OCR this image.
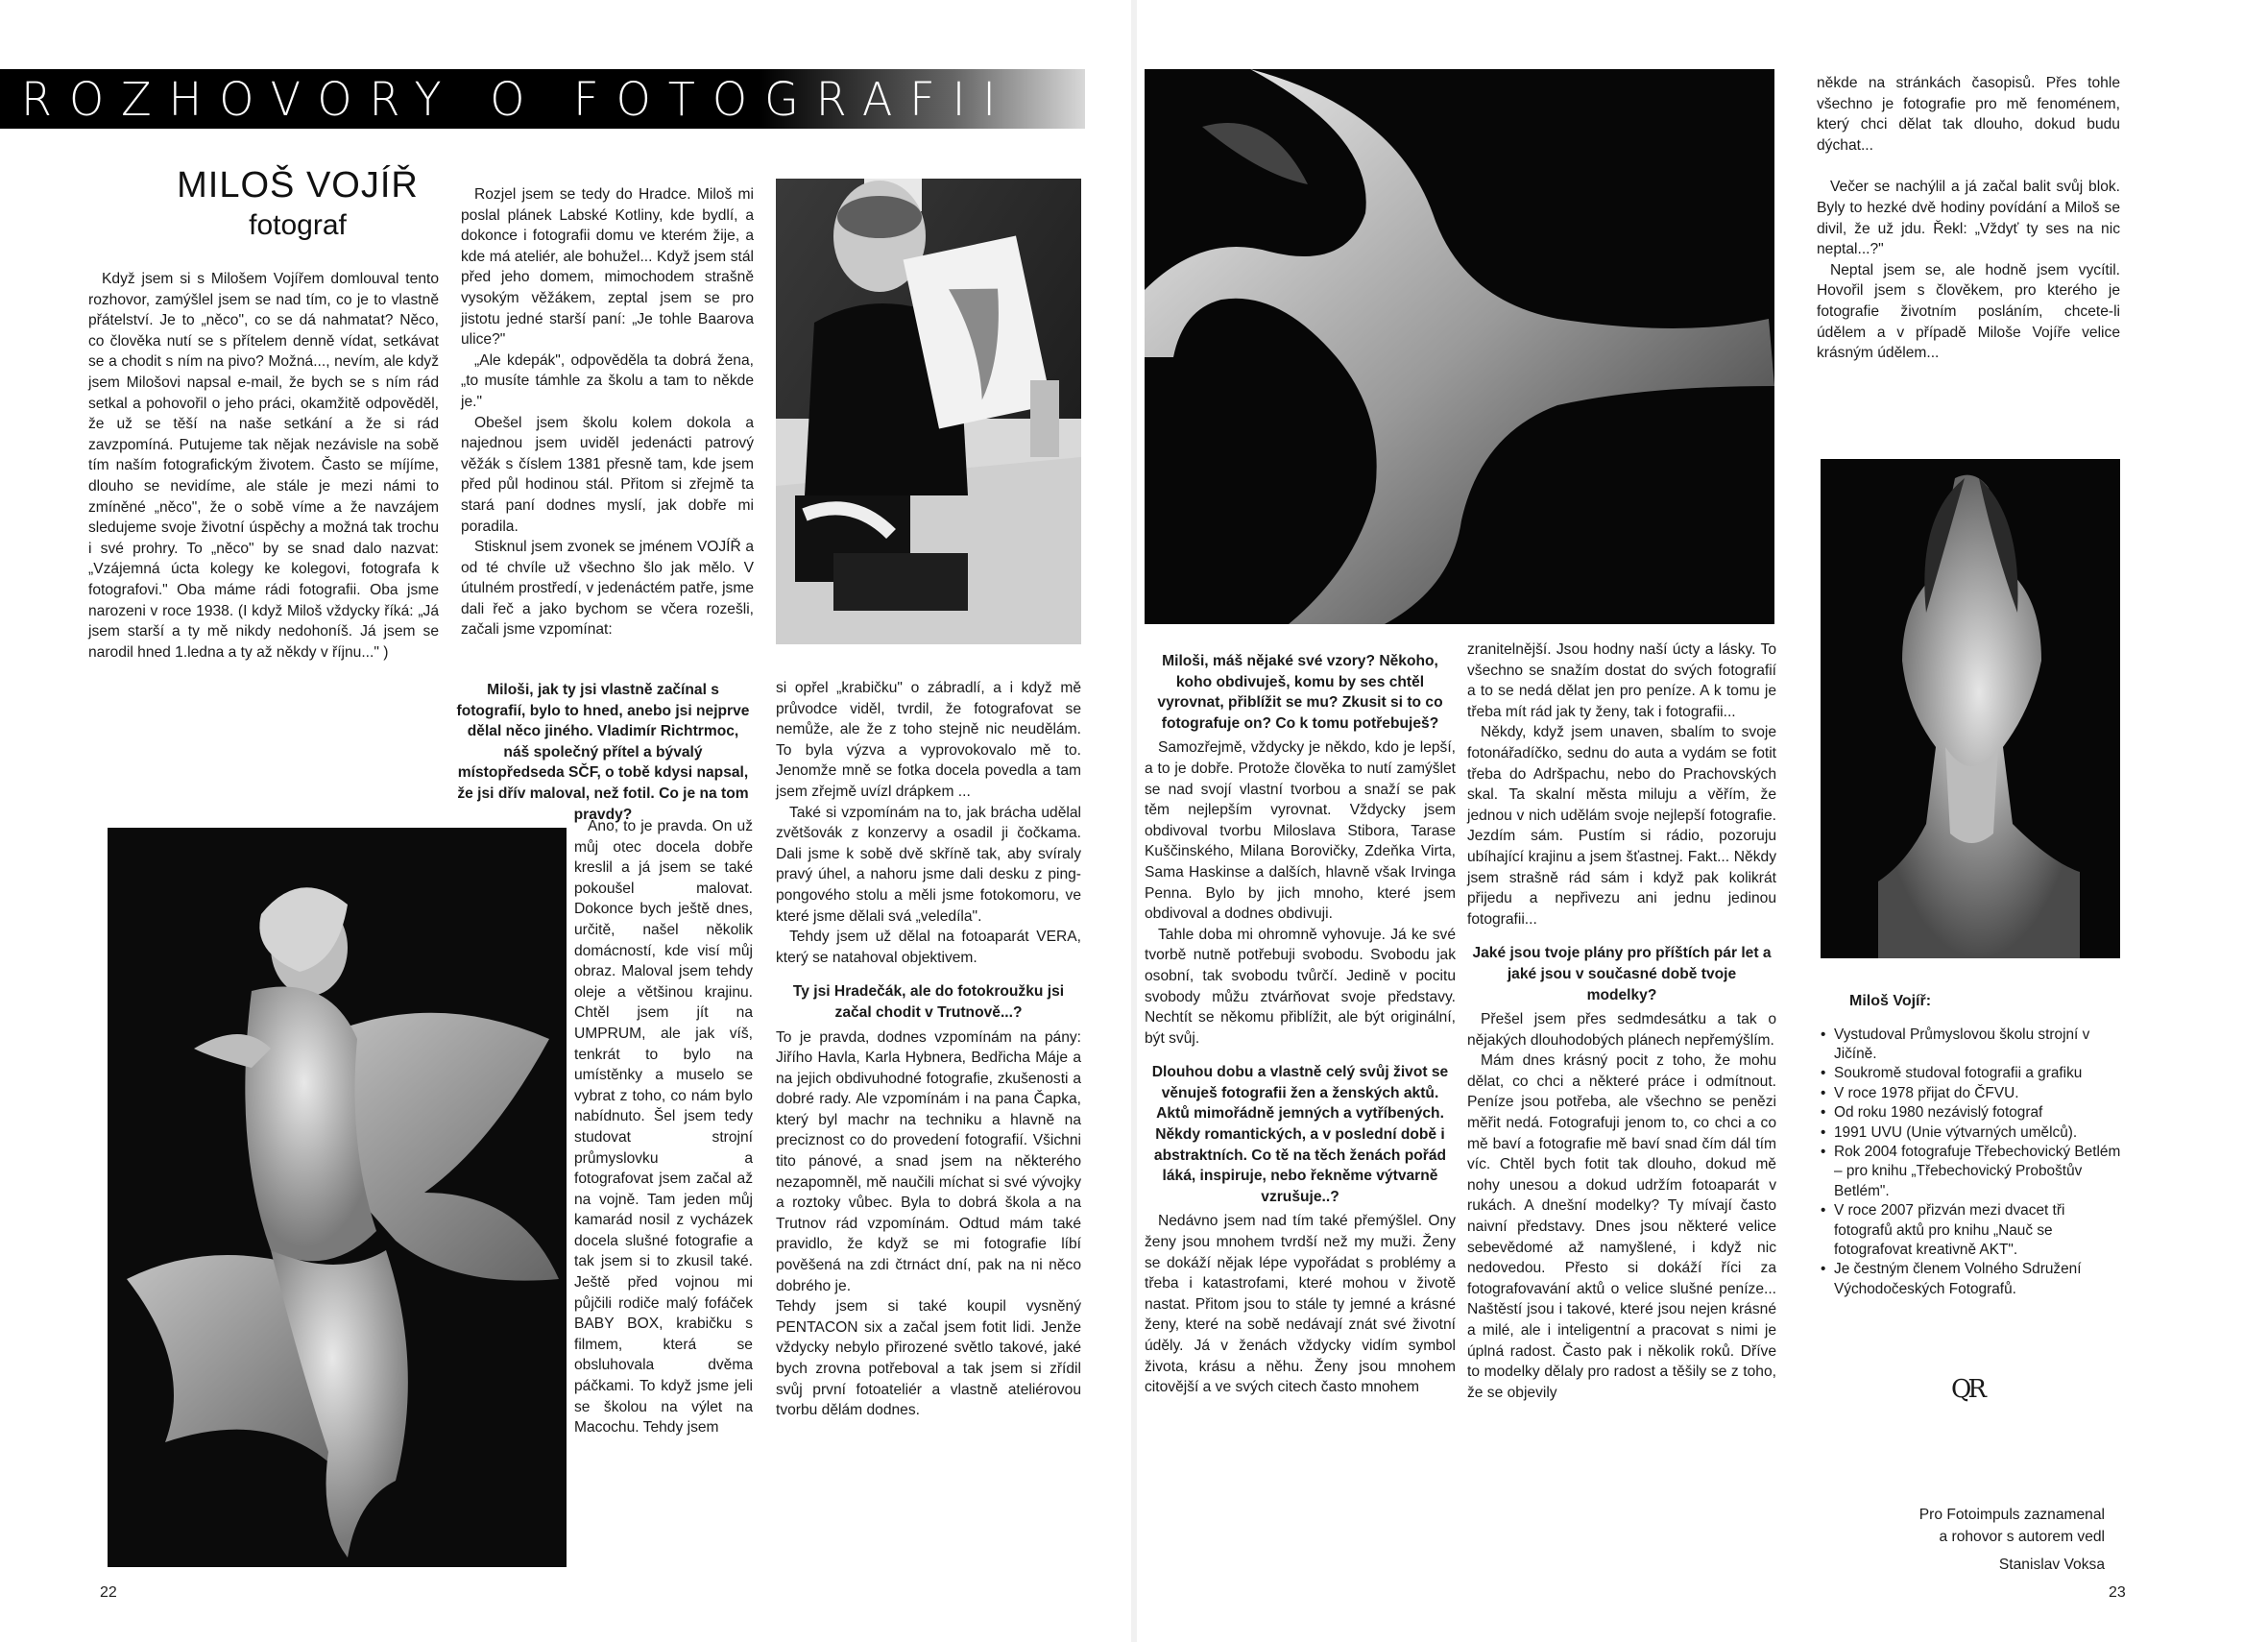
ROZHOVORY O FOTOGRAFII
MILOŠ VOJÍŘ
fotograf

Když jsem si s Milošem Vojířem domlouval tento rozhovor, zamýšlel jsem se nad tím, co je to vlastně přátelství. Je to „něco", co se dá nahmatat? Něco, co člověka nutí se s přítelem denně vídat, setkávat se a chodit s ním na pivo? Možná..., nevím, ale když jsem Milošovi napsal e-mail, že bych se s ním rád setkal a pohovořil o jeho práci, okamžitě odpověděl, že už se těší na naše setkání a že si rád zavzpomíná. Putujeme tak nějak nezávisle na sobě tím naším fotografickým životem. Často se míjíme, dlouho se nevidíme, ale stále je mezi námi to zmíněné „něco", že o sobě víme a že navzájem sledujeme svoje životní úspěchy a možná tak trochu i své prohry. To „něco" by se snad dalo nazvat: „Vzájemná úcta kolegy ke kolegovi, fotografa k fotografovi." Oba máme rádi fotografii. Oba jsme narozeni v roce 1938. (I když Miloš vždycky říká: „Já jsem starší a ty mě nikdy nedohoníš. Já jsem se narodil hned 1.ledna a ty až někdy v říjnu..." )

Rozjel jsem se tedy do Hradce. Miloš mi poslal plánek Labské Kotliny, kde bydlí, a dokonce i fotografii domu ve kterém žije, a kde má ateliér, ale bohužel... Když jsem stál před jeho domem, mimochodem strašně vysokým věžákem, zeptal jsem se pro jistotu jedné starší paní: „Je tohle Baarova ulice?"

„Ale kdepák", odpověděla ta dobrá žena, „to musíte támhle za školu a tam to někde je."

Obešel jsem školu kolem dokola a najednou jsem uviděl jedenácti patrový věžák s číslem 1381 přesně tam, kde jsem před půl hodinou stál. Přitom si zřejmě ta stará paní dodnes myslí, jak dobře mi poradila.

Stisknul jsem zvonek se jménem VOJÍŘ a od té chvíle už všechno šlo jak mělo. V útulném prostředí, v jedenáctém patře, jsme dali řeč a jako bychom se včera rozešli, začali jsme vzpomínat:

Miloši, jak ty jsi vlastně začínal s fotografií, bylo to hned, anebo jsi nejprve dělal něco jiného. Vladimír Richtrmoc, náš společný přítel a bývalý místopředseda SČF, o tobě kdysi napsal, že jsi dřív maloval, než fotil. Co je na tom pravdy?

Ano, to je pravda. On už můj otec docela dobře kreslil a já jsem se také pokoušel malovat. Dokonce bych ještě dnes, určitě, našel několik domácností, kde visí můj obraz. Maloval jsem tehdy oleje a většinou krajinu. Chtěl jsem jít na UMPRUM, ale jak víš, tenkrát to bylo na umístěnky a muselo se vybrat z toho, co nám bylo nabídnuto. Šel jsem tedy studovat strojní průmyslovku a fotografovat jsem začal až na vojně. Tam jeden můj kamarád nosil z vycházek docela slušné fotografie a tak jsem si to zkusil také. Ještě před vojnou mi půjčili rodiče malý fofáček BABY BOX, krabičku s filmem, která se obsluhovala dvěma páčkami. To když jsme jeli se školou na výlet na Macochu. Tehdy jsem

si opřel „krabičku" o zábradlí, a i když mě průvodce viděl, tvrdil, že fotografovat se nemůže, ale že z toho stejně nic neudělám. To byla výzva a vyprovokovalo mě to. Jenomže mně se fotka docela povedla a tam jsem zřejmě uvízl drápkem ...

Také si vzpomínám na to, jak brácha udělal zvětšovák z konzervy a osadil ji čočkama. Dali jsme k sobě dvě skříně tak, aby svíraly pravý úhel, a nahoru jsme dali desku z ping-pongového stolu a měli jsme fotokomoru, ve které jsme dělali svá „veledíla".

Tehdy jsem už dělal na fotoaparát VERA, který se natahoval objektivem.

Ty jsi Hradečák, ale do fotokroužku jsi začal chodit v Trutnově...?

To je pravda, dodnes vzpomínám na pány: Jiřího Havla, Karla Hybnera, Bedřicha Máje a na jejich obdivuhodné fotografie, zkušenosti a dobré rady. Ale vzpomínám i na pana Čapka, který byl machr na techniku a hlavně na preciznost co do provedení fotografií. Všichni tito pánové, a snad jsem na některého nezapomněl, mě naučili míchat si své vývojky a roztoky vůbec. Byla to dobrá škola a na Trutnov rád vzpomínám. Odtud mám také pravidlo, že když se mi fotografie líbí pověšená na zdi čtrnáct dní, pak na ni něco dobrého je.

Tehdy jsem si také koupil vysněný PENTACON six a začal jsem fotit lidi. Jenže vždycky nebylo přirozené světlo takové, jaké bych zrovna potřeboval a tak jsem si zřídil svůj první fotoateliér a vlastně ateliérovou tvorbu dělám dodnes.

22

Miloši, máš nějaké své vzory? Někoho, koho obdivuješ, komu by ses chtěl vyrovnat, přiblížit se mu? Zkusit si to co fotografuje on? Co k tomu potřebuješ?

Samozřejmě, vždycky je někdo, kdo je lepší, a to je dobře. Protože člověka to nutí zamýšlet se nad svojí vlastní tvorbou a snaží se pak těm nejlepším vyrovnat. Vždycky jsem obdivoval tvorbu Miloslava Stibora, Tarase Kuščinského, Milana Borovičky, Zdeňka Virta, Sama Haskinse a dalších, hlavně však Irvinga Penna. Bylo by jich mnoho, které jsem obdivoval a dodnes obdivuji.

Tahle doba mi ohromně vyhovuje. Já ke své tvorbě nutně potřebuji svobodu. Svobodu jak osobní, tak svobodu tvůrčí. Jedině v pocitu svobody můžu ztvárňovat svoje představy. Nechtít se někomu přiblížit, ale být originální, být svůj.

Dlouhou dobu a vlastně celý svůj život se věnuješ fotografii žen a ženských aktů. Aktů mimořádně jemných a vytříbených. Někdy romantických, a v poslední době i abstraktních. Co tě na těch ženách pořád láká, inspiruje, nebo řekněme výtvarně vzrušuje..?

Nedávno jsem nad tím také přemýšlel. Ony ženy jsou mnohem tvrdší než my muži. Ženy se dokáží nějak lépe vypořádat s problémy a třeba i katastrofami, které mohou v životě nastat. Přitom jsou to stále ty jemné a krásné ženy, které na sobě nedávají znát své životní úděly. Já v ženách vždycky vidím symbol života, krásu a něhu. Ženy jsou mnohem citovější a ve svých citech často mnohem

zranitelnější. Jsou hodny naší úcty a lásky. To všechno se snažím dostat do svých fotografií a to se nedá dělat jen pro peníze. A k tomu je třeba mít rád jak ty ženy, tak i fotografii...

Někdy, když jsem unaven, sbalím to svoje fotonářadíčko, sednu do auta a vydám se fotit třeba do Adršpachu, nebo do Prachovských skal. Ta skalní města miluju a věřím, že jednou v nich udělám svoje nejlepší fotografie. Jezdím sám. Pustím si rádio, pozoruju ubíhající krajinu a jsem šťastnej. Fakt... Někdy jsem strašně rád sám i když pak kolikrát přijedu a nepřivezu ani jednu jedinou fotografii...

Jaké jsou tvoje plány pro příštích pár let a jaké jsou v současné době tvoje modelky?

Přešel jsem přes sedmdesátku a tak o nějakých dlouhodobých plánech nepřemýšlím.

Mám dnes krásný pocit z toho, že mohu dělat, co chci a některé práce i odmítnout. Peníze jsou potřeba, ale všechno se penězi měřit nedá. Fotografuji jenom to, co chci a co mě baví a fotografie mě baví snad čím dál tím víc. Chtěl bych fotit tak dlouho, dokud mě nohy unesou a dokud udržím fotoaparát v rukách. A dnešní modelky? Ty mívají často naivní představy. Dnes jsou některé velice sebevědomé až namyšlené, i když nic nedovedou. Přesto si dokáží říci za fotografovavání aktů o velice slušné peníze... Naštěstí jsou i takové, které jsou nejen krásné a milé, ale i inteligentní a pracovat s nimi je úplná radost. Často pak i několik roků. Dříve to modelky dělaly pro radost a těšily se z toho, že se objevily

někde na stránkách časopisů. Přes tohle všechno je fotografie pro mě fenoménem, který chci dělat tak dlouho, dokud budu dýchat...

Večer se nachýlil a já začal balit svůj blok. Byly to hezké dvě hodiny povídání a Miloš se divil, že už jdu. Řekl: „Vždyť ty ses na nic neptal...?"

Neptal jsem se, ale hodně jsem vycítil. Hovořil jsem s člověkem, pro kterého je fotografie životním posláním, chcete-li údělem a v případě Miloše Vojíře velice krásným údělem...

Miloš Vojíř:
• Vystudoval Průmyslovou školu strojní v Jičíně.
• Soukromě studoval fotografii a grafiku
• V roce 1978 přijat do ČFVU.
• Od roku 1980 nezávislý fotograf
• 1991 UVU (Unie výtvarných umělců).
• Rok 2004 fotografuje Třebechovický Betlém – pro knihu „Třebechovický Proboštův Betlém".
• V roce 2007 přizván mezi dvacet tři fotografů aktů pro knihu „Nauč se fotografovat kreativně AKT".
• Je čestným členem Volného Sdružení Východočeských Fotografů.
QR
Pro Fotoimpuls zaznamenal
a rohovor s autorem vedl
Stanislav Voksa
23
